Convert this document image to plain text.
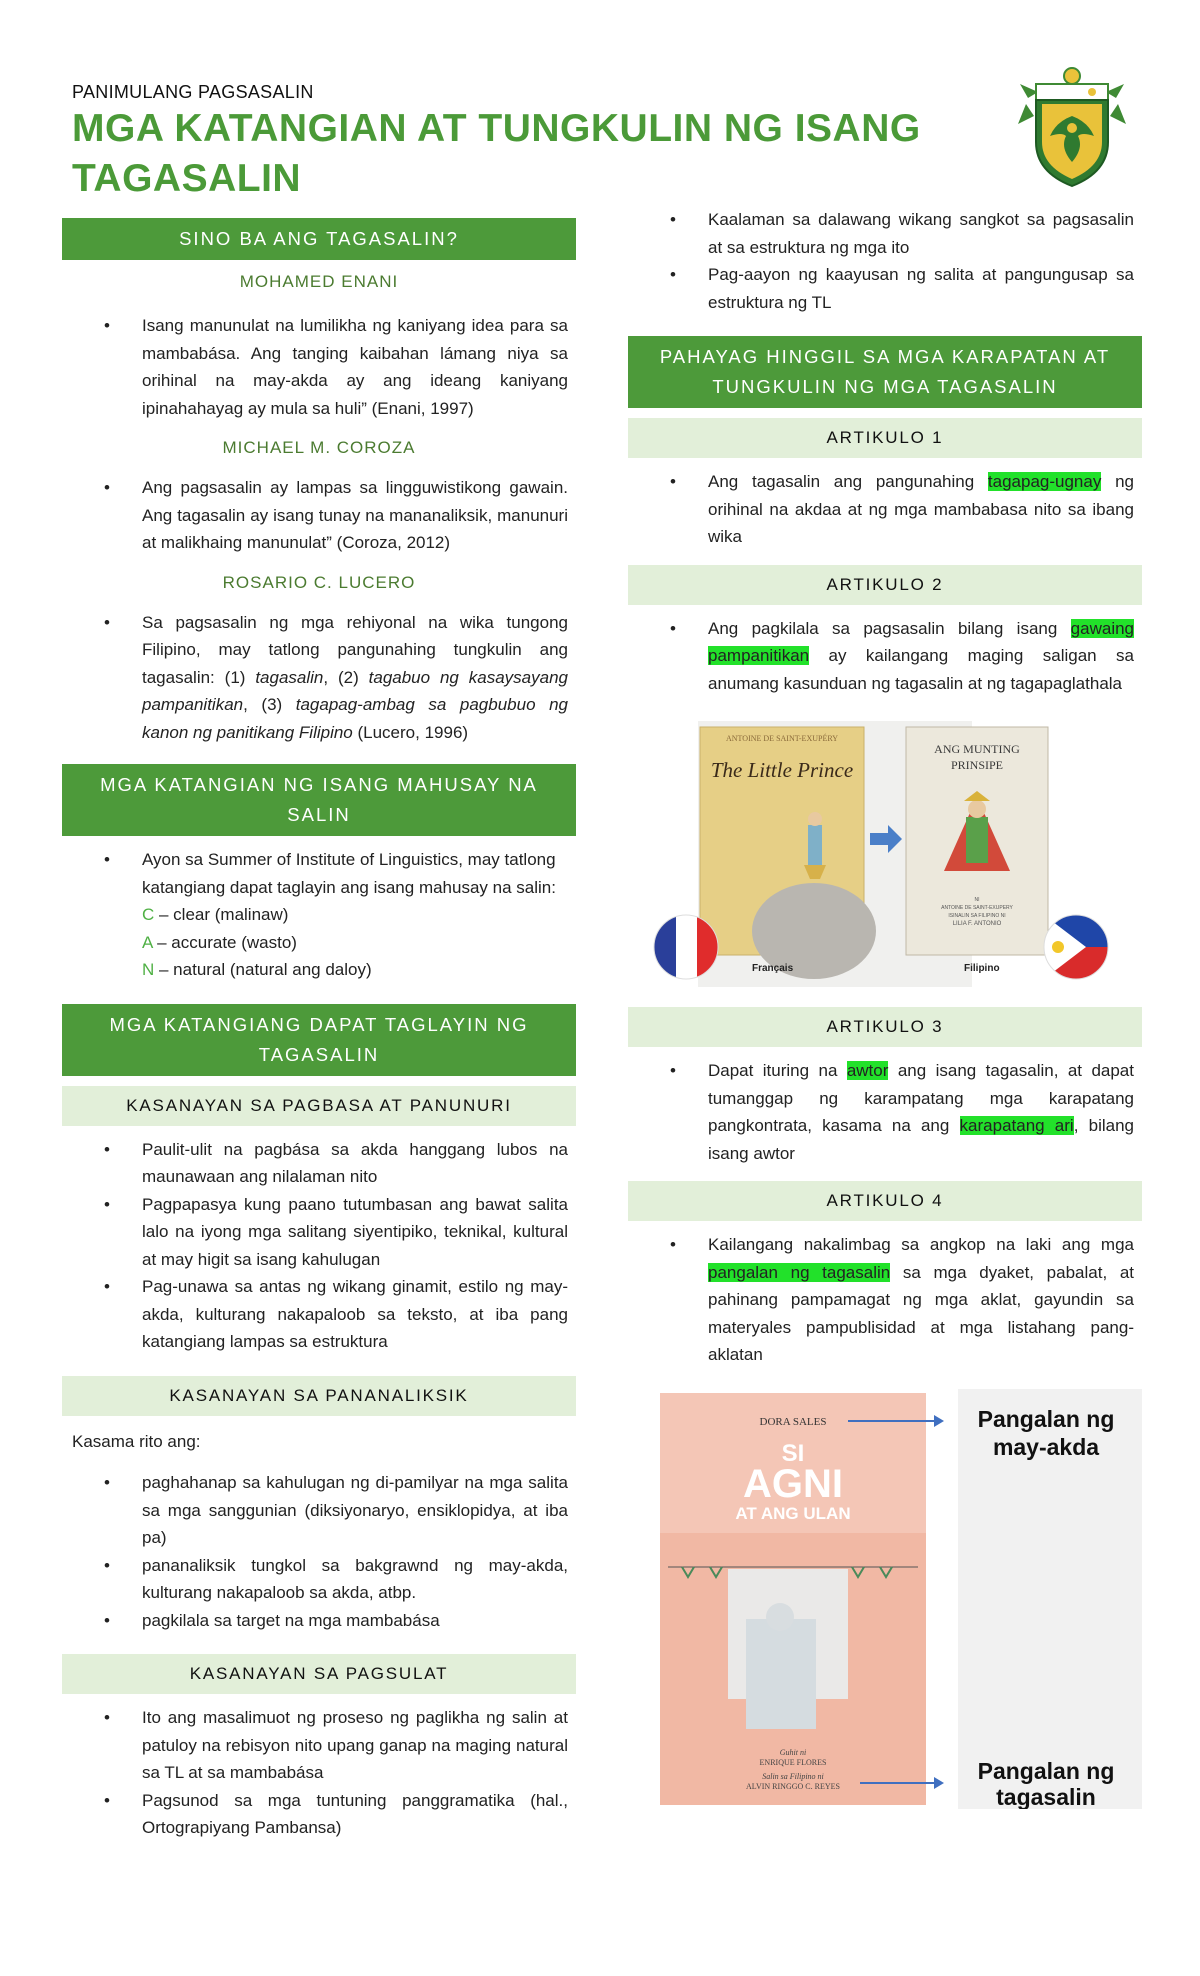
PANIMULANG PAGSASALIN
MGA KATANGIAN AT TUNGKULIN NG ISANG TAGASALIN
SINO BA ANG TAGASALIN?
MOHAMED ENANI
• Isang manunulat na lumilikha ng kaniyang idea para sa mambabása. Ang tanging kaibahan lámang niya sa orihinal na may-akda ay ang ideang kaniyang ipinahahayag ay mula sa huli” (Enani, 1997)
MICHAEL M. COROZA
• Ang pagsasalin ay lampas sa lingguwistikong gawain. Ang tagasalin ay isang tunay na mananaliksik, manunuri at malikhaing manunulat” (Coroza, 2012)
ROSARIO C. LUCERO
• Sa pagsasalin ng mga rehiyonal na wika tungong Filipino, may tatlong pangunahing tungkulin ang tagasalin: (1) tagasalin, (2) tagabuo ng kasaysayang pampanitikan, (3) tagapag-ambag sa pagbubuo ng kanon ng panitikang Filipino (Lucero, 1996)
MGA KATANGIAN NG ISANG MAHUSAY NA SALIN
• Ayon sa Summer of Institute of Linguistics, may tatlong katangiang dapat taglayin ang isang mahusay na salin:
C – clear (malinaw)
A – accurate (wasto)
N – natural (natural ang daloy)
MGA KATANGIANG DAPAT TAGLAYIN NG TAGASALIN
KASANAYAN SA PAGBASA AT PANUNURI
• Paulit-ulit na pagbása sa akda hanggang lubos na maunawaan ang nilalaman nito
• Pagpapasya kung paano tutumbasan ang bawat salita lalo na iyong mga salitang siyentipiko, teknikal, kultural at may higit sa isang kahulugan
• Pag-unawa sa antas ng wikang ginamit, estilo ng may-akda, kulturang nakapaloob sa teksto, at iba pang katangiang lampas sa estruktura
KASANAYAN SA PANANALIKSIK
Kasama rito ang:
• paghahanap sa kahulugan ng di-pamilyar na mga salita sa mga sanggunian (diksiyonaryo, ensiklopidya, at iba pa)
• pananaliksik tungkol sa bakgrawnd ng may-akda, kulturang nakapaloob sa akda, atbp.
• pagkilala sa target na mga mambabása
KASANAYAN SA PAGSULAT
• Ito ang masalimuot ng proseso ng paglikha ng salin at patuloy na rebisyon nito upang ganap na maging natural sa TL at sa mambabása
• Pagsunod sa mga tuntuning panggramatika (hal., Ortograpiyang Pambansa)
• Kaalaman sa dalawang wikang sangkot sa pagsasalin at sa estruktura ng mga ito
• Pag-aayon ng kaayusan ng salita at pangungusap sa estruktura ng TL
PAHAYAG HINGGIL SA MGA KARAPATAN AT TUNGKULIN NG MGA TAGASALIN
ARTIKULO 1
• Ang tagasalin ang pangunahing tagapag-ugnay ng orihinal na akdaa at ng mga mambabasa nito sa ibang wika
ARTIKULO 2
• Ang pagkilala sa pagsasalin bilang isang gawaing pampanitikan ay kailangang maging saligan sa anumang kasunduan ng tagasalin at ng tagapaglathala
ANTOINE DE SAINT-EXUPÉRY
The Little Prince
ANG MUNTING
PRINSIPE
NI
ANTOINE DE SAINT-EXUPERY
ISINALIN SA FILIPINO NI
LILIA F. ANTONIO
Français	Filipino
ARTIKULO 3
• Dapat ituring na awtor ang isang tagasalin, at dapat tumanggap ng karampatang mga karapatang pangkontrata, kasama na ang karapatang ari, bilang isang awtor
ARTIKULO 4
• Kailangang nakalimbag sa angkop na laki ang mga pangalan ng tagasalin sa mga dyaket, pabalat, at pahinang pampamagat ng mga aklat, gayundin sa materyales pampublisidad at mga listahang pang-aklatan
DORA SALES
SI
AGNI
AT ANG ULAN
Guhit ni
ENRIQUE FLORES
Salin sa Filipino ni
ALVIN RINGGO C. REYES
Pangalan ng
may-akda
Pangalan ng
tagasalin
